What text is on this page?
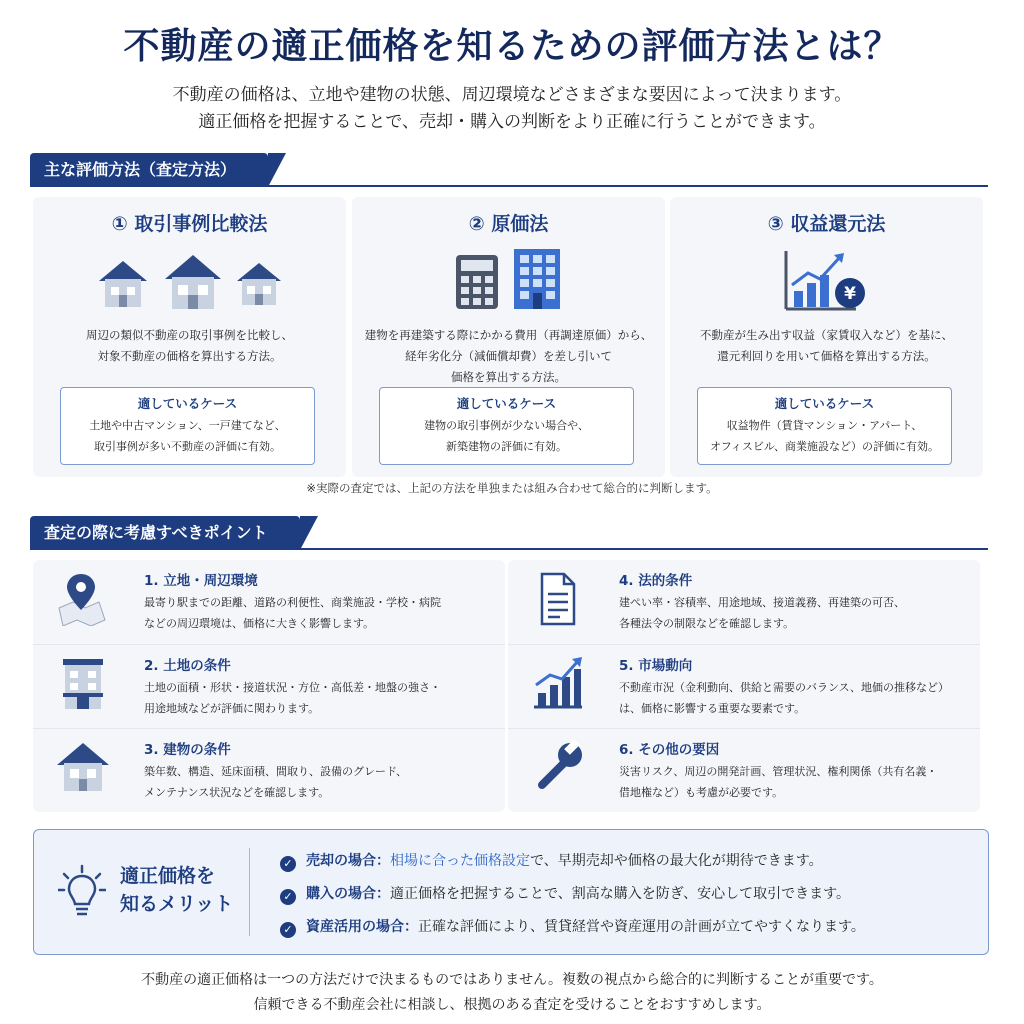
不動産の適正価格を知るための評価方法とは？
不動産の価格は、立地や建物の状態、周辺環境などさまざまな要因によって決まります。
適正価格を把握することで、売却・購入の判断をより正確に行うことができます。
主な評価方法（査定方法）
① 取引事例比較法
周辺の類似不動産の取引事例を比較し、
対象不動産の価格を算出する方法。
適しているケース
土地や中古マンション、一戸建てなど、
取引事例が多い不動産の評価に有効。
② 原価法
建物を再建築する際にかかる費用（再調達原価）から、
経年劣化分（減価償却費）を差し引いて
価格を算出する方法。
適しているケース
建物の取引事例が少ない場合や、
新築建物の評価に有効。
③ 収益還元法
¥
不動産が生み出す収益（家賃収入など）を基に、
還元利回りを用いて価格を算出する方法。
適しているケース
収益物件（賃貸マンション・アパート、
オフィスビル、商業施設など）の評価に有効。
※実際の査定では、上記の方法を単独または組み合わせて総合的に判断します。
査定の際に考慮すべきポイント
1. 立地・周辺環境
最寄り駅までの距離、道路の利便性、商業施設・学校・病院
などの周辺環境は、価格に大きく影響します。
2. 土地の条件
土地の面積・形状・接道状況・方位・高低差・地盤の強さ・
用途地域などが評価に関わります。
3. 建物の条件
築年数、構造、延床面積、間取り、設備のグレード、
メンテナンス状況などを確認します。
4. 法的条件
建ぺい率・容積率、用途地域、接道義務、再建築の可否、
各種法令の制限などを確認します。
5. 市場動向
不動産市況（金利動向、供給と需要のバランス、地価の推移など）
は、価格に影響する重要な要素です。
6. その他の要因
災害リスク、周辺の開発計画、管理状況、権利関係（共有名義・
借地権など）も考慮が必要です。
適正価格を
知るメリット
✓ 売却の場合：相場に合った価格設定で、早期売却や価格の最大化が期待できます。
✓ 購入の場合：適正価格を把握することで、割高な購入を防ぎ、安心して取引できます。
✓ 資産活用の場合：正確な評価により、賃貸経営や資産運用の計画が立てやすくなります。
不動産の適正価格は一つの方法だけで決まるものではありません。複数の視点から総合的に判断することが重要です。
信頼できる不動産会社に相談し、根拠のある査定を受けることをおすすめします。
